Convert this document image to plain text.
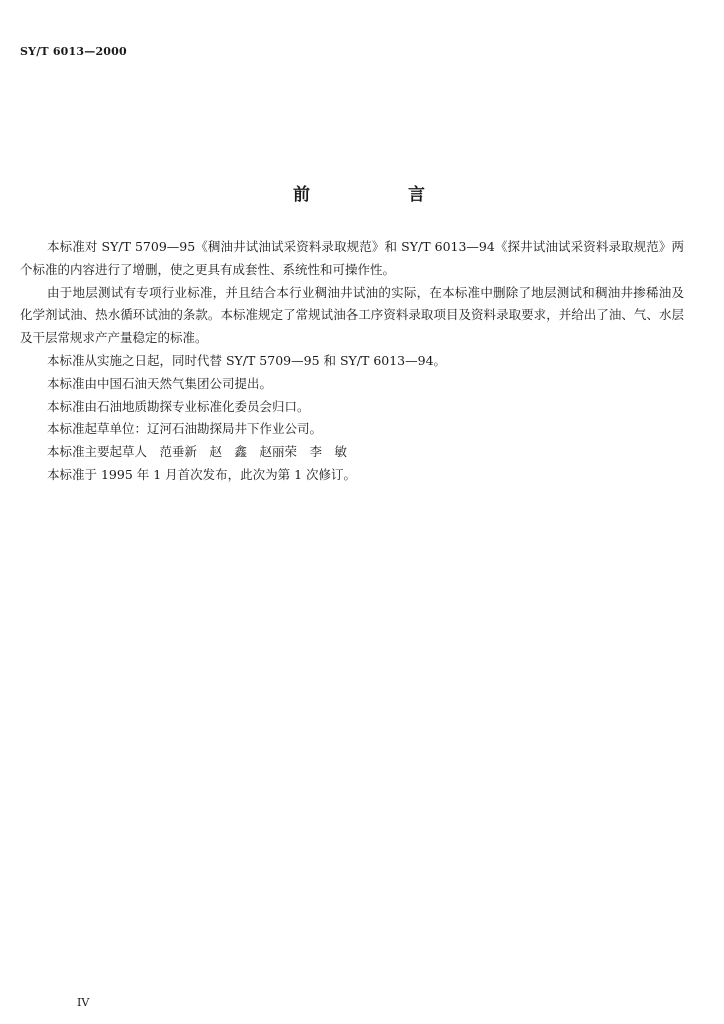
SY/T 6013—2000
前 言

本标准对 SY/T 5709—95《稠油井试油试采资料录取规范》和 SY/T 6013—94《探井试油试采资料录取规范》两个标准的内容进行了增删，使之更具有成套性、系统性和可操作性。

由于地层测试有专项行业标准，并且结合本行业稠油井试油的实际，在本标准中删除了地层测试和稠油井掺稀油及化学剂试油、热水循环试油的条款。本标准规定了常规试油各工序资料录取项目及资料录取要求，并给出了油、气、水层及干层常规求产产量稳定的标准。

本标准从实施之日起，同时代替 SY/T 5709—95 和 SY/T 6013—94。

本标准由中国石油天然气集团公司提出。

本标准由石油地质勘探专业标准化委员会归口。

本标准起草单位：辽河石油勘探局井下作业公司。

本标准主要起草人　范垂新　赵　鑫　赵丽荣　李　敏

本标准于 1995 年 1 月首次发布，此次为第 1 次修订。

IV
